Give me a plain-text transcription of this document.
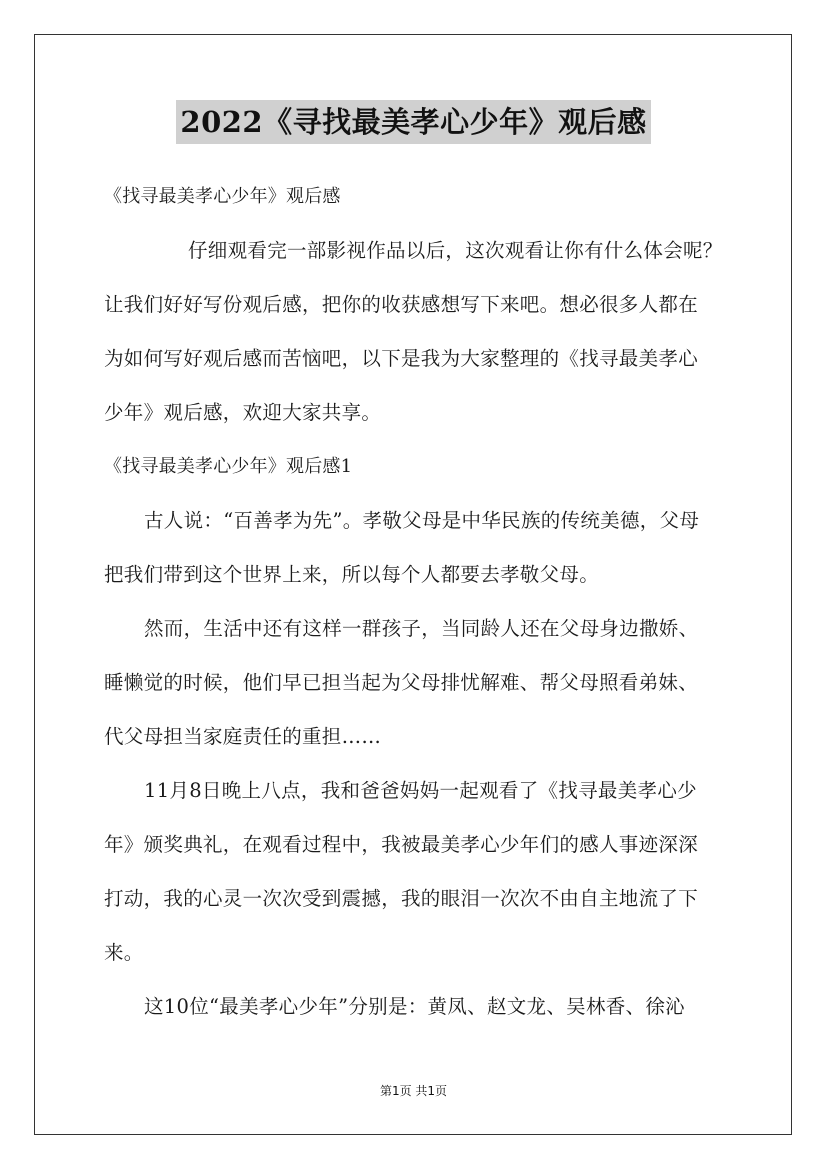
2022《寻找最美孝心少年》观后感
《找寻最美孝心少年》观后感
仔细观看完一部影视作品以后，这次观看让你有什么体会呢？
让我们好好写份观后感，把你的收获感想写下来吧。想必很多人都在
为如何写好观后感而苦恼吧，以下是我为大家整理的《找寻最美孝心
少年》观后感，欢迎大家共享。
《找寻最美孝心少年》观后感1
古人说：“百善孝为先”。孝敬父母是中华民族的传统美德，父母
把我们带到这个世界上来，所以每个人都要去孝敬父母。
然而，生活中还有这样一群孩子，当同龄人还在父母身边撒娇、
睡懒觉的时候，他们早已担当起为父母排忧解难、帮父母照看弟妹、
代父母担当家庭责任的重担……
11月8日晚上八点，我和爸爸妈妈一起观看了《找寻最美孝心少
年》颁奖典礼，在观看过程中，我被最美孝心少年们的感人事迹深深
打动，我的心灵一次次受到震撼，我的眼泪一次次不由自主地流了下
来。
这10位“最美孝心少年”分别是：黄凤、赵文龙、吴林香、徐沁
第1页 共1页
